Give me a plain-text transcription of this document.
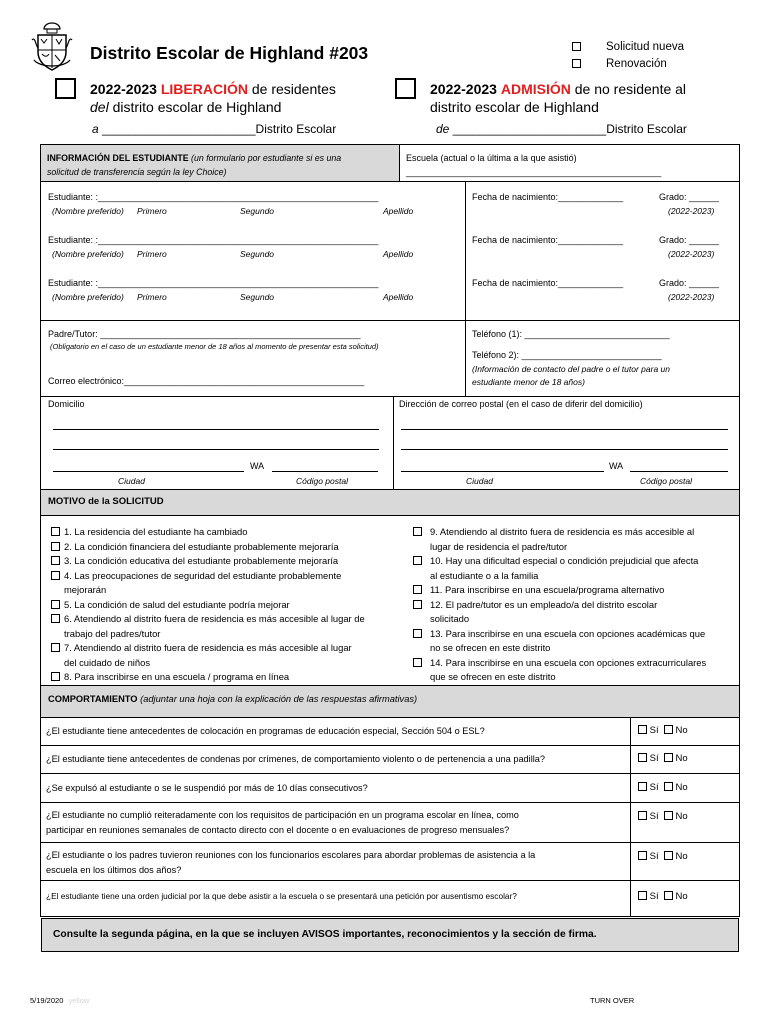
Distrito Escolar de Highland #203	Solicitud nueva
Renovación
2022-2023 LIBERACIÓN de residentes
del distrito escolar de Highland
a _______________________Distrito Escolar
2022-2023 ADMISIÓN de no residente al
distrito escolar de Highland
de _______________________Distrito Escolar
INFORMACIÓN DEL ESTUDIANTE (un formulario por estudiante si es una
solicitud de transferencia según la ley Choice)
Escuela (actual o la última a la que asistió)
___________________________________________________
Estudiante: :________________________________________________________
(Nombre preferido) Primero	Segundo	Apellido
Fecha de nacimiento:_____________	Grado: ______
(2022-2023)
Estudiante: :________________________________________________________
(Nombre preferido) Primero	Segundo	Apellido
Fecha de nacimiento:_____________	Grado: ______
(2022-2023)
Estudiante: :________________________________________________________
(Nombre preferido) Primero	Segundo	Apellido
Fecha de nacimiento:_____________	Grado: ______
(2022-2023)
Padre/Tutor: ____________________________________________________
(Obligatorio en el caso de un estudiante menor de 18 años al momento de presentar esta solicitud)
Teléfono (1): _____________________________
Teléfono 2): ____________________________
(Información de contacto del padre o el tutor para un
estudiante menor de 18 años)
Correo electrónico:________________________________________________
Domicilio	Dirección de correo postal (en el caso de diferir del domicilio)
WA
Ciudad	Código postal
WA
Ciudad	Código postal
MOTIVO de la SOLICITUD
1. La residencia del estudiante ha cambiado
2. La condición financiera del estudiante probablemente mejoraría
3. La condición educativa del estudiante probablemente mejoraría
4. Las preocupaciones de seguridad del estudiante probablemente
mejorarán
5. La condición de salud del estudiante podría mejorar
6. Atendiendo al distrito fuera de residencia es más accesible al lugar de
trabajo del padres/tutor
7. Atendiendo al distrito fuera de residencia es más accesible al lugar
del cuidado de niños
8. Para inscribirse en una escuela / programa en línea
9. Atendiendo al distrito fuera de residencia es más accesible al
lugar de residencia el padre/tutor
10. Hay una dificultad especial o condición prejudicial que afecta
al estudiante o a la familia
11. Para inscribirse en una escuela/programa alternativo
12. El padre/tutor es un empleado/a del distrito escolar
solicitado
13. Para inscribirse en una escuela con opciones académicas que
no se ofrecen en este distrito
14. Para inscribirse en una escuela con opciones extracurriculares
que se ofrecen en este distrito
COMPORTAMIENTO (adjuntar una hoja con la explicación de las respuestas afirmativas)
¿El estudiante tiene antecedentes de colocación en programas de educación especial, Sección 504 o ESL?	Sí No
¿El estudiante tiene antecedentes de condenas por crímenes, de comportamiento violento o de pertenencia a una padilla?	Sí No
¿Se expulsó al estudiante o se le suspendió por más de 10 días consecutivos?	Sí No
¿El estudiante no cumplió reiteradamente con los requisitos de participación en un programa escolar en línea, como
participar en reuniones semanales de contacto directo con el docente o en evaluaciones de progreso mensuales?
Sí No
¿El estudiante o los padres tuvieron reuniones con los funcionarios escolares para abordar problemas de asistencia a la
escuela en los últimos dos años?
Sí No
¿El estudiante tiene una orden judicial por la que debe asistir a la escuela o se presentará una petición por ausentismo escolar?	Sí No
Consulte la segunda página, en la que se incluyen AVISOS importantes, reconocimientos y la sección de firma.
5/19/2020 yellow	TURN OVER
